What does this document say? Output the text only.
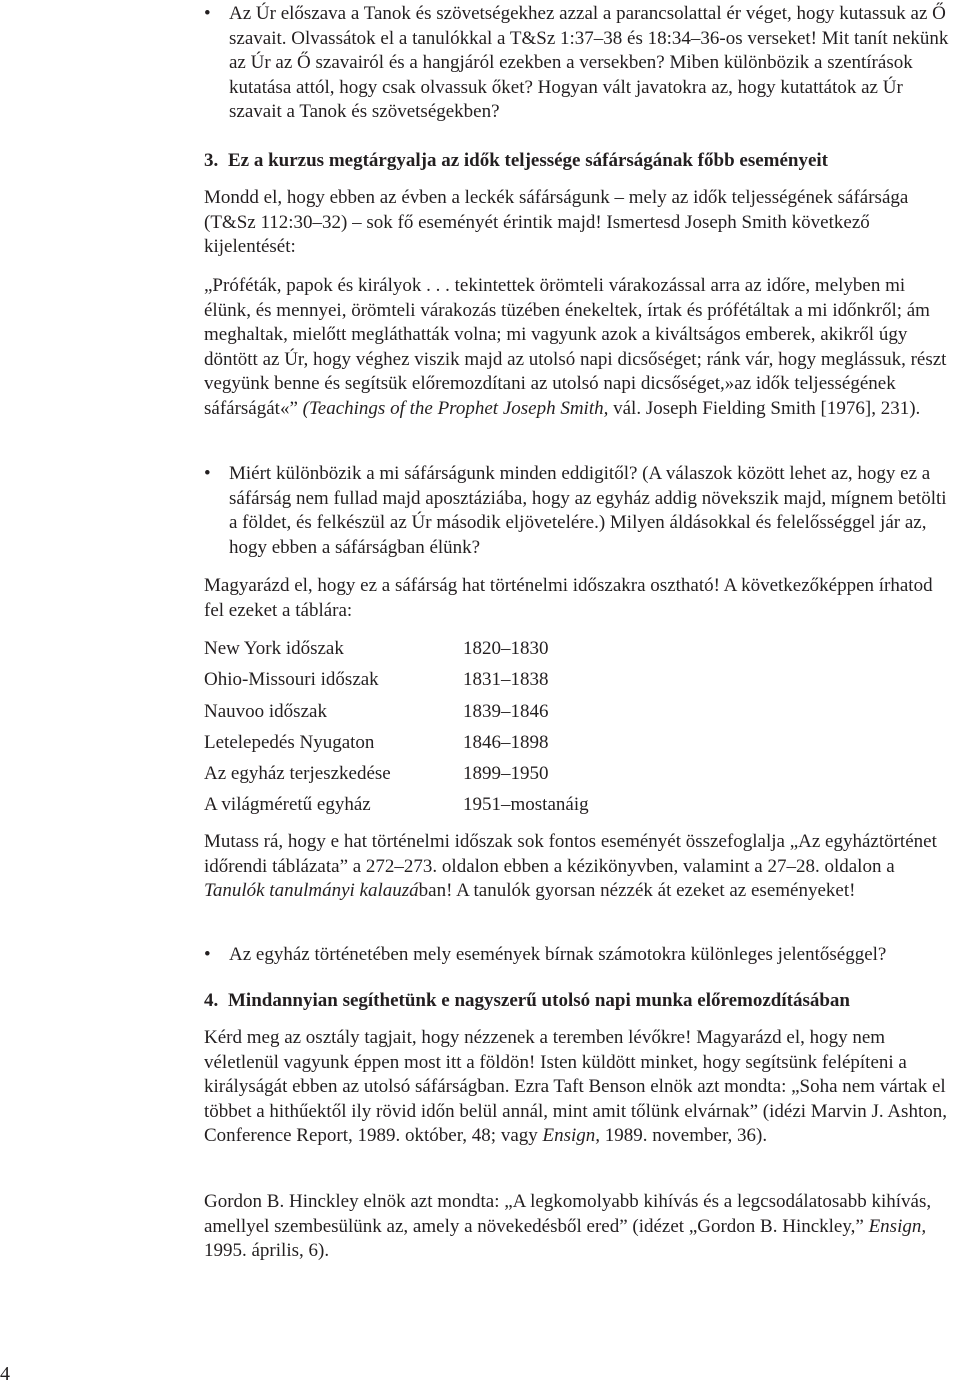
• Az Úr előszava a Tanok és szövetségekhez azzal a parancsolattal ér véget, hogy kutassuk az Ő szavait. Olvassátok el a tanulókkal a T&Sz 1:37–38 és 18:34–36-os verseket! Mit tanít nekünk az Úr az Ő szavairól és a hangjáról ezekben a versekben? Miben különbözik a szentírások kutatása attól, hogy csak olvassuk őket? Hogyan vált javatokra az, hogy kutattátok az Úr szavait a Tanok és szövetségekben?
3. Ez a kurzus megtárgyalja az idők teljessége sáfárságának főbb eseményeit

Mondd el, hogy ebben az évben a leckék sáfárságunk – mely az idők teljességének sáfársága (T&Sz 112:30–32) – sok fő eseményét érintik majd! Ismertesd Joseph Smith következő kijelentését:

„Próféták, papok és királyok . . . tekintettek örömteli várakozással arra az időre, melyben mi élünk, és mennyei, örömteli várakozás tüzében énekeltek, írtak és prófétáltak a mi időnkről; ám meghaltak, mielőtt megláthatták volna; mi vagyunk azok a kiváltságos emberek, akikről úgy döntött az Úr, hogy véghez viszik majd az utolsó napi dicsőséget; ránk vár, hogy meglássuk, részt vegyünk benne és segítsük előremozdítani az utolsó napi dicsőséget,»az idők teljességének sáfárságát«” (Teachings of the Prophet Joseph Smith, vál. Joseph Fielding Smith [1976], 231).

• Miért különbözik a mi sáfárságunk minden eddigitől? (A válaszok között lehet az, hogy ez a sáfárság nem fullad majd aposztáziába, hogy az egyház addig növekszik majd, mígnem betölti a földet, és felkészül az Úr második eljövetelére.) Milyen áldásokkal és felelősséggel jár az, hogy ebben a sáfárságban élünk?

Magyarázd el, hogy ez a sáfárság hat történelmi időszakra osztható! A következőképpen írhatod fel ezeket a táblára:

New York időszak	1820–1830
Ohio-Missouri időszak	1831–1838
Nauvoo időszak	1839–1846
Letelepedés Nyugaton	1846–1898
Az egyház terjeszkedése	1899–1950
A világméretű egyház	1951–mostanáig

Mutass rá, hogy e hat történelmi időszak sok fontos eseményét összefoglalja „Az egyháztörténet időrendi táblázata” a 272–273. oldalon ebben a kézikönyvben, valamint a 27–28. oldalon a Tanulók tanulmányi kalauzában! A tanulók gyorsan nézzék át ezeket az eseményeket!

• Az egyház történetében mely események bírnak számotokra különleges jelentőséggel?
4. Mindannyian segíthetünk e nagyszerű utolsó napi munka előremozdításában

Kérd meg az osztály tagjait, hogy nézzenek a teremben lévőkre! Magyarázd el, hogy nem véletlenül vagyunk éppen most itt a földön! Isten küldött minket, hogy segítsünk felépíteni a királyságát ebben az utolsó sáfárságban. Ezra Taft Benson elnök azt mondta: „Soha nem vártak el többet a hithűektől ily rövid időn belül annál, mint amit tőlünk elvárnak” (idézi Marvin J. Ashton, Conference Report, 1989. október, 48; vagy Ensign, 1989. november, 36).

Gordon B. Hinckley elnök azt mondta: „A legkomolyabb kihívás és a legcsodálatosabb kihívás, amellyel szembesülünk az, amely a növekedésből ered” (idézet „Gordon B. Hinckley,” Ensign, 1995. április, 6).

4
